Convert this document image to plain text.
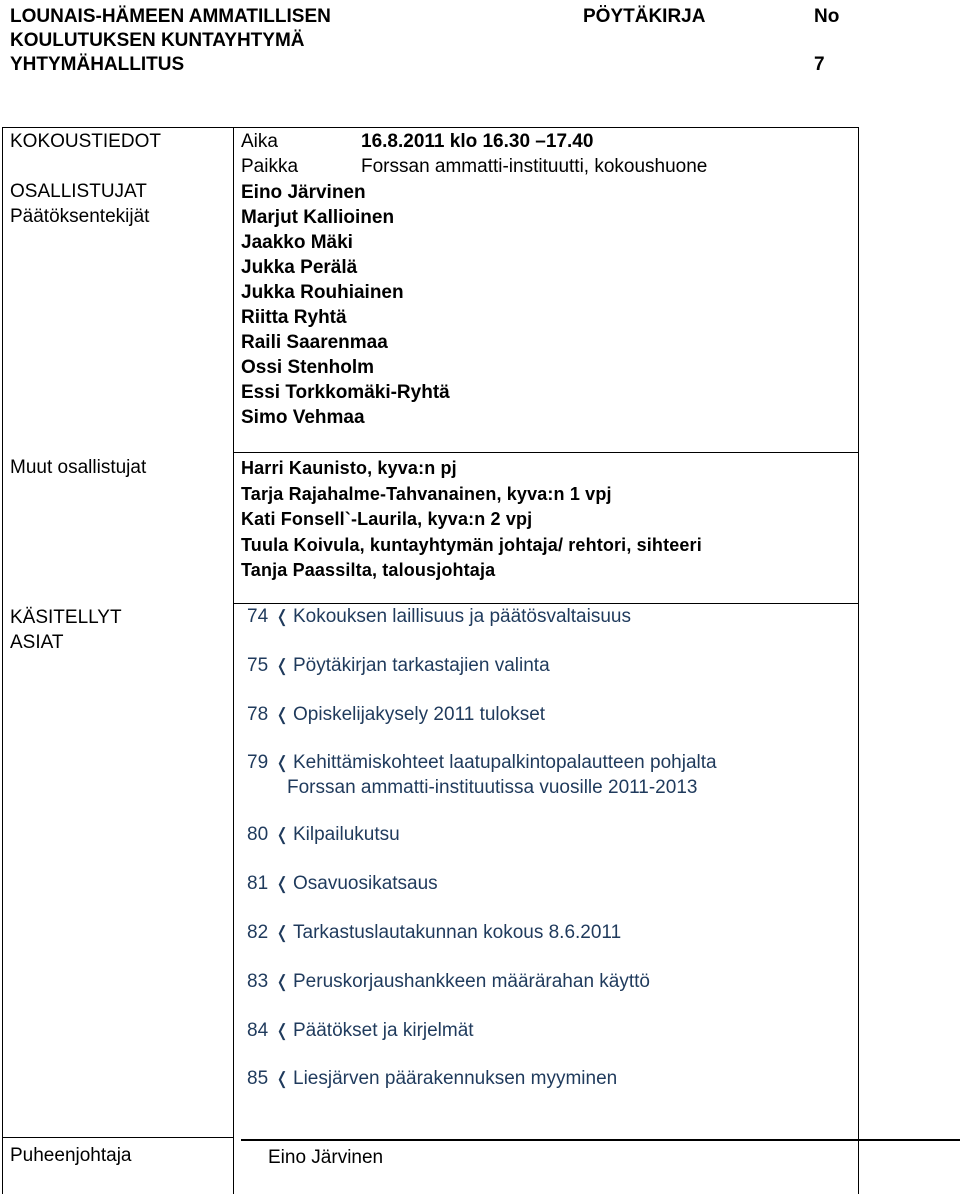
LOUNAIS-HÄMEEN AMMATILLISEN
KOULUTUKSEN KUNTAYHTYMÄ
YHTYMÄHALLITUS
PÖYTÄKIRJA	No
7
KOKOUSTIEDOT	Aika	16.8.2011 klo 16.30 –17.40
Paikka	Forssan ammatti-instituutti, kokoushuone
OSALLISTUJAT
Päätöksentekijät
Eino Järvinen
Marjut Kallioinen
Jaakko Mäki
Jukka Perälä
Jukka Rouhiainen
Riitta Ryhtä
Raili Saarenmaa
Ossi Stenholm
Essi Torkkomäki-Ryhtä
Simo Vehmaa
Muut osallistujat	Harri Kaunisto, kyva:n pj
Tarja Rajahalme-Tahvanainen, kyva:n 1 vpj
Kati Fonsell`-Laurila, kyva:n 2 vpj
Tuula Koivula, kuntayhtymän johtaja/ rehtori, sihteeri
Tanja Paassilta, talousjohtaja
KÄSITELLYT
ASIAT
74 ❬ Kokouksen laillisuus ja päätösvaltaisuus
75 ❬ Pöytäkirjan tarkastajien valinta
78 ❬ Opiskelijakysely 2011 tulokset
79 ❬ Kehittämiskohteet laatupalkintopalautteen pohjalta
Forssan ammatti-instituutissa vuosille 2011-2013
80 ❬ Kilpailukutsu
81 ❬ Osavuosikatsaus
82 ❬ Tarkastuslautakunnan kokous 8.6.2011
83 ❬ Peruskorjaushankkeen määrärahan käyttö
84 ❬ Päätökset ja kirjelmät
85 ❬ Liesjärven päärakennuksen myyminen
Puheenjohtaja	Eino Järvinen
